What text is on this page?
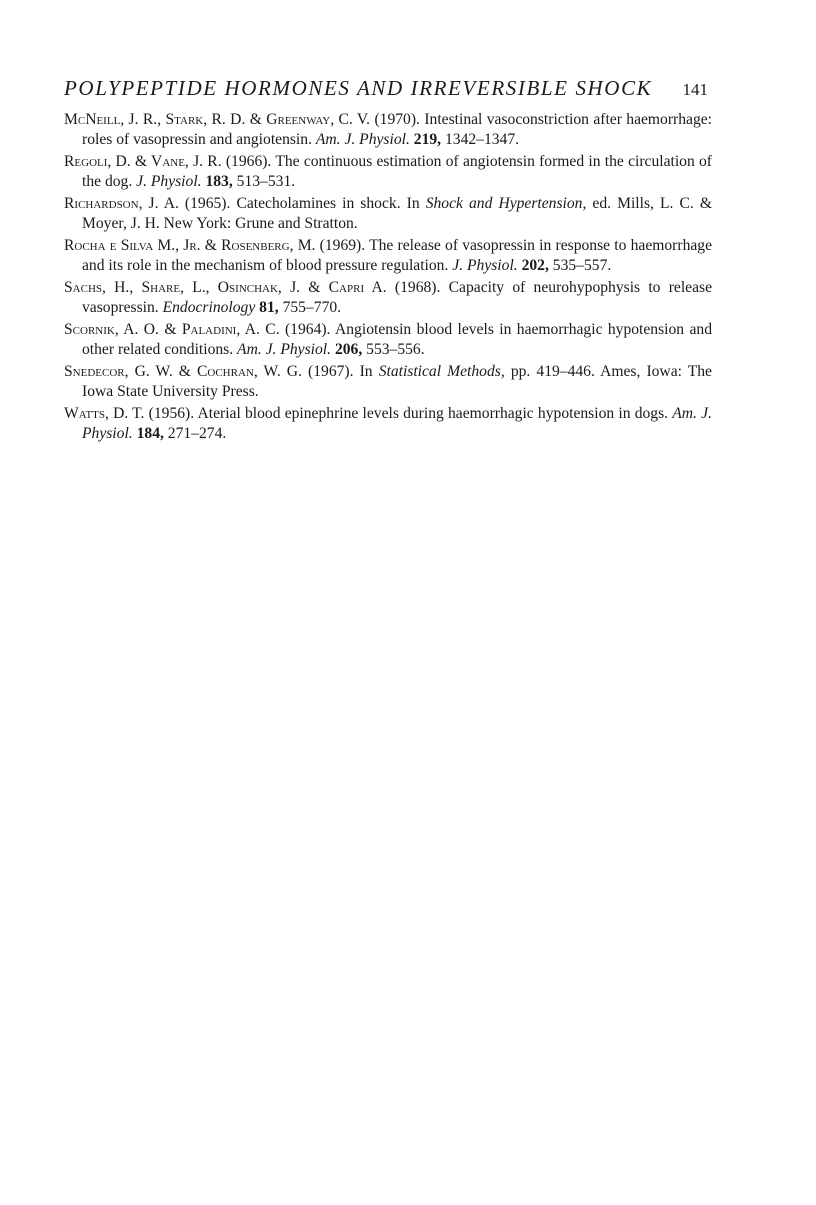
POLYPEPTIDE HORMONES AND IRREVERSIBLE SHOCK 141
McNeill, J. R., Stark, R. D. & Greenway, C. V. (1970). Intestinal vasoconstriction after haemorrhage: roles of vasopressin and angiotensin. Am. J. Physiol. 219, 1342–1347.
Regoli, D. & Vane, J. R. (1966). The continuous estimation of angiotensin formed in the circulation of the dog. J. Physiol. 183, 513–531.
Richardson, J. A. (1965). Catecholamines in shock. In Shock and Hypertension, ed. Mills, L. C. & Moyer, J. H. New York: Grune and Stratton.
Rocha e Silva M., Jr. & Rosenberg, M. (1969). The release of vasopressin in response to haemorrhage and its role in the mechanism of blood pressure regulation. J. Physiol. 202, 535–557.
Sachs, H., Share, L., Osinchak, J. & Capri A. (1968). Capacity of neurohypophysis to release vasopressin. Endocrinology 81, 755–770.
Scornik, A. O. & Paladini, A. C. (1964). Angiotensin blood levels in haemorrhagic hypotension and other related conditions. Am. J. Physiol. 206, 553–556.
Snedecor, G. W. & Cochran, W. G. (1967). In Statistical Methods, pp. 419–446. Ames, Iowa: The Iowa State University Press.
Watts, D. T. (1956). Aterial blood epinephrine levels during haemorrhagic hypotension in dogs. Am. J. Physiol. 184, 271–274.
